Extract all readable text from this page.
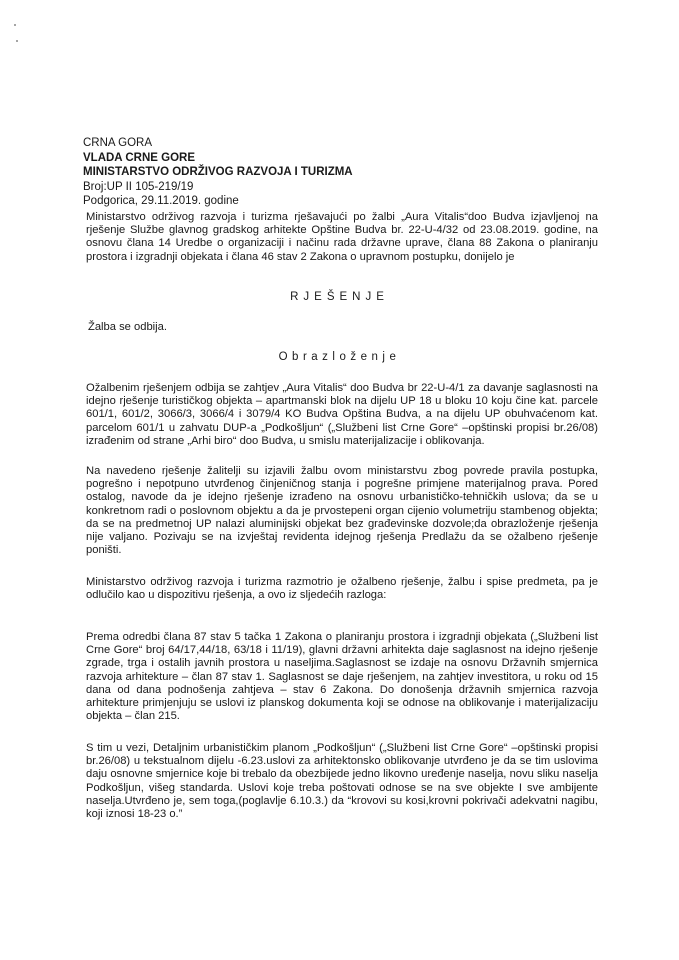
CRNA GORA
VLADA CRNE GORE
MINISTARSTVO ODRŽIVOG RAZVOJA I TURIZMA
Broj:UP II 105-219/19
Podgorica, 29.11.2019. godine
Ministarstvo održivog razvoja i turizma rješavajući po žalbi „Aura Vitalis“doo Budva izjavljenoj na rješenje Službe glavnog gradskog arhitekte Opštine Budva br. 22-U-4/32 od 23.08.2019. godine, na osnovu člana 14 Uredbe o organizaciji i načinu rada državne uprave, člana 88 Zakona o planiranju prostora i izgradnji objekata i člana 46 stav 2 Zakona o upravnom postupku, donijelo je
RJEŠENJE
Žalba se odbija.
Obrazloženje
Ožalbenim rješenjem odbija se zahtjev „Aura Vitalis“ doo Budva br 22-U-4/1 za davanje saglasnosti na idejno rješenje turističkog objekta – apartmanski blok na dijelu UP 18 u bloku 10 koju čine kat. parcele 601/1, 601/2, 3066/3, 3066/4 i 3079/4 KO Budva Opština Budva, a na dijelu UP obuhvaćenom kat. parcelom 601/1 u zahvatu DUP-a „Podkošljun“ („Službeni list Crne Gore“ –opštinski propisi br.26/08) izrađenim od strane „Arhi biro“ doo Budva, u smislu materijalizacije i oblikovanja.
Na navedeno rješenje žalitelji su izjavili žalbu ovom ministarstvu zbog povrede pravila postupka, pogrešno i nepotpuno utvrđenog činjeničnog stanja i pogrešne primjene materijalnog prava. Pored ostalog, navode da je idejno rješenje izrađeno na osnovu urbanističko-tehničkih uslova; da se u konkretnom radi o poslovnom objektu a da je prvostepeni organ cijenio volumetriju stambenog objekta; da se na predmetnoj UP nalazi aluminijski objekat bez građevinske dozvole;da obrazloženje rješenja nije valjano. Pozivaju se na izvještaj revidenta idejnog rješenja Predlažu da se ožalbeno rješenje poništi.
Ministarstvo održivog razvoja i turizma razmotrio je ožalbeno rješenje, žalbu i spise predmeta, pa je odlučilo kao u dispozitivu rješenja, a ovo iz sljedećih razloga:
Prema odredbi člana 87 stav 5 tačka 1 Zakona o planiranju prostora i izgradnji objekata („Službeni list Crne Gore“ broj 64/17,44/18, 63/18 i 11/19), glavni državni arhitekta daje saglasnost na idejno rješenje zgrade, trga i ostalih javnih prostora u naseljima.Saglasnost se izdaje na osnovu Državnih smjernica razvoja arhitekture – član 87 stav 1. Saglasnost se daje rješenjem, na zahtjev investitora, u roku od 15 dana od dana podnošenja zahtjeva – stav 6 Zakona. Do donošenja državnih smjernica razvoja arhitekture primjenjuju se uslovi iz planskog dokumenta koji se odnose na oblikovanje i materijalizaciju objekta – član 215.
S tim u vezi, Detaljnim urbanističkim planom „Podkošljun“ („Službeni list Crne Gore“ –opštinski propisi br.26/08) u tekstualnom dijelu -6.23.uslovi za arhitektonsko oblikovanje utvrđeno je da se tim uslovima daju osnovne smjernice koje bi trebalo da obezbijede jedno likovno uređenje naselja, novu sliku naselja Podkošljun, višeg standarda. Uslovi koje treba poštovati odnose se na sve objekte I sve ambijente naselja.Utvrđeno je, sem toga,(poglavlje 6.10.3.) da “krovovi su kosi,krovni pokrivači adekvatni nagibu, koji iznosi 18-23 o.”
